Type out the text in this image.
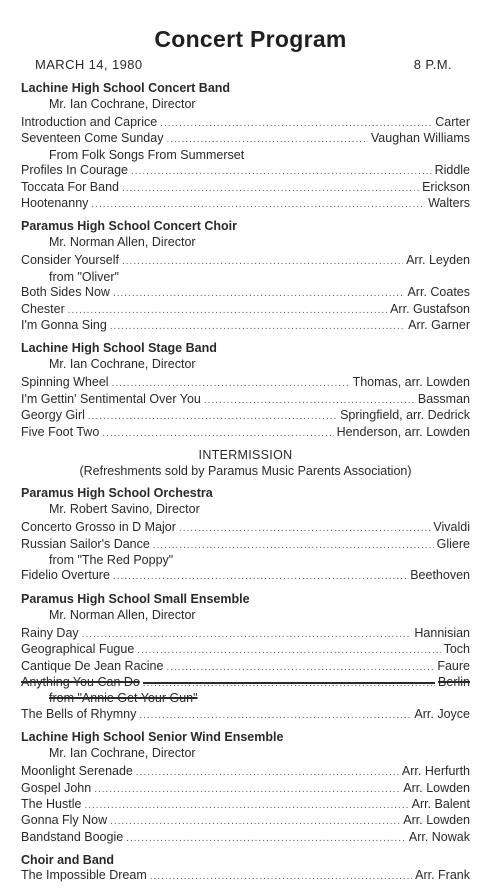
Concert Program
MARCH 14, 1980	8 P.M.
Lachine High School Concert Band
Mr. Ian Cochrane, Director
Introduction and Caprice .....	Carter
Seventeen Come Sunday .....	Vaughan Williams
From Folk Songs From Summerset
Profiles In Courage .....	Riddle
Toccata For Band .....	Erickson
Hootenanny .....	Walters
Paramus High School Concert Choir
Mr. Norman Allen, Director
Consider Yourself .....	Arr. Leyden
from "Oliver"
Both Sides Now .....	Arr. Coates
Chester .....	Arr. Gustafson
I'm Gonna Sing .....	Arr. Garner
Lachine High School Stage Band
Mr. Ian Cochrane, Director
Spinning Wheel .....	Thomas, arr. Lowden
I'm Gettin' Sentimental Over You .....	Bassman
Georgy Girl .....	Springfield, arr. Dedrick
Five Foot Two .....	Henderson, arr. Lowden
INTERMISSION
(Refreshments sold by Paramus Music Parents Association)
Paramus High School Orchestra
Mr. Robert Savino, Director
Concerto Grosso in D Major .....	Vivaldi
Russian Sailor's Dance .....	Gliere
from "The Red Poppy"
Fidelio Overture .....	Beethoven
Paramus High School Small Ensemble
Mr. Norman Allen, Director
Rainy Day .....	Hannisian
Geographical Fugue .....	Toch
Cantique De Jean Racine .....	Faure
Anything You Can Do .....	Berlin
from "Annie Get Your Gun"
The Bells of Rhymny .....	Arr. Joyce
Lachine High School Senior Wind Ensemble
Mr. Ian Cochrane, Director
Moonlight Serenade .....	Arr. Herfurth
Gospel John .....	Arr. Lowden
The Hustle .....	Arr. Balent
Gonna Fly Now .....	Arr. Lowden
Bandstand Boogie .....	Arr. Nowak
Choir and Band
The Impossible Dream .....	Arr. Frank
